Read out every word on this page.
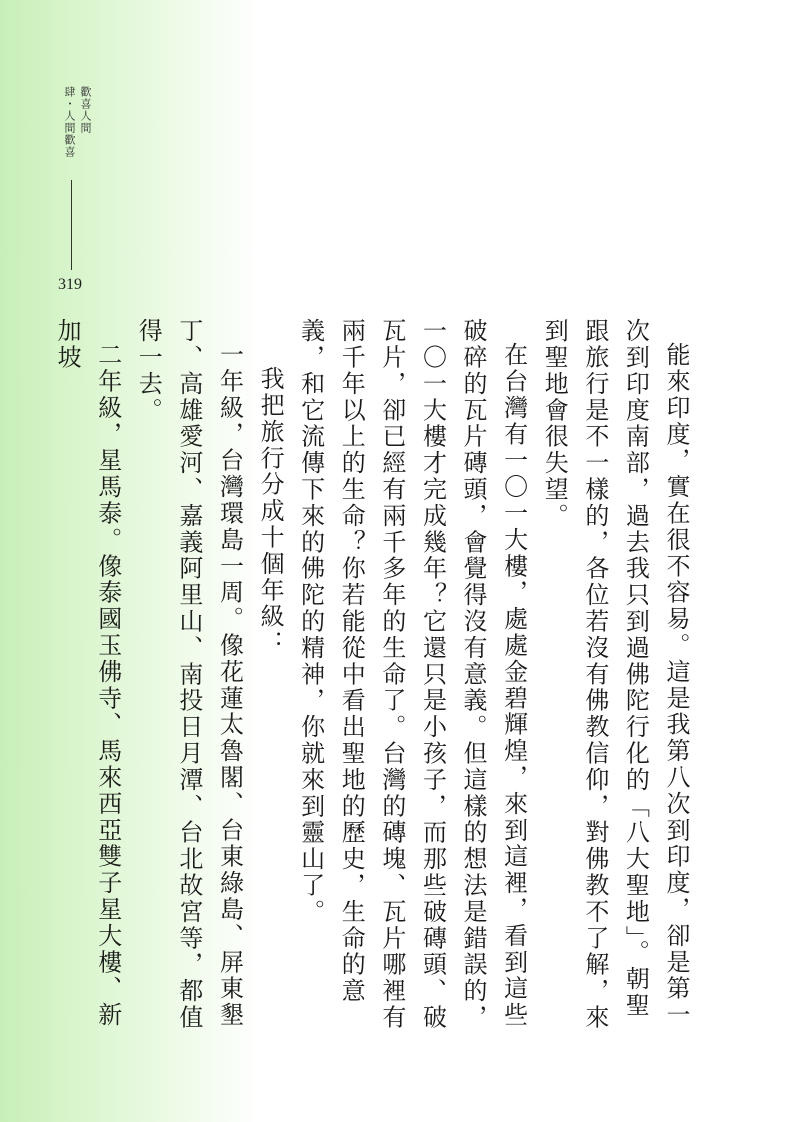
歡喜人間
肆・人間歡喜
319

能來印度，實在很不容易。這是我第八次到印度，卻是第一次到印度南部，過去我只到過佛陀行化的「八大聖地」。朝聖跟旅行是不一樣的，各位若沒有佛教信仰，對佛教不了解，來到聖地會很失望。

在台灣有一〇一大樓，處處金碧輝煌，來到這裡，看到這些破碎的瓦片磚頭，會覺得沒有意義。但這樣的想法是錯誤的，一〇一大樓才完成幾年？它還只是小孩子，而那些破磚頭、破瓦片，卻已經有兩千多年的生命了。台灣的磚塊、瓦片哪裡有兩千年以上的生命？你若能從中看出聖地的歷史，生命的意義，和它流傳下來的佛陀的精神，你就來到靈山了。

我把旅行分成十個年級：

一年級，台灣環島一周。像花蓮太魯閣、台東綠島、屏東墾丁、高雄愛河、嘉義阿里山、南投日月潭、台北故宮等，都值得一去。

二年級，星馬泰。像泰國玉佛寺、馬來西亞雙子星大樓、新加坡
